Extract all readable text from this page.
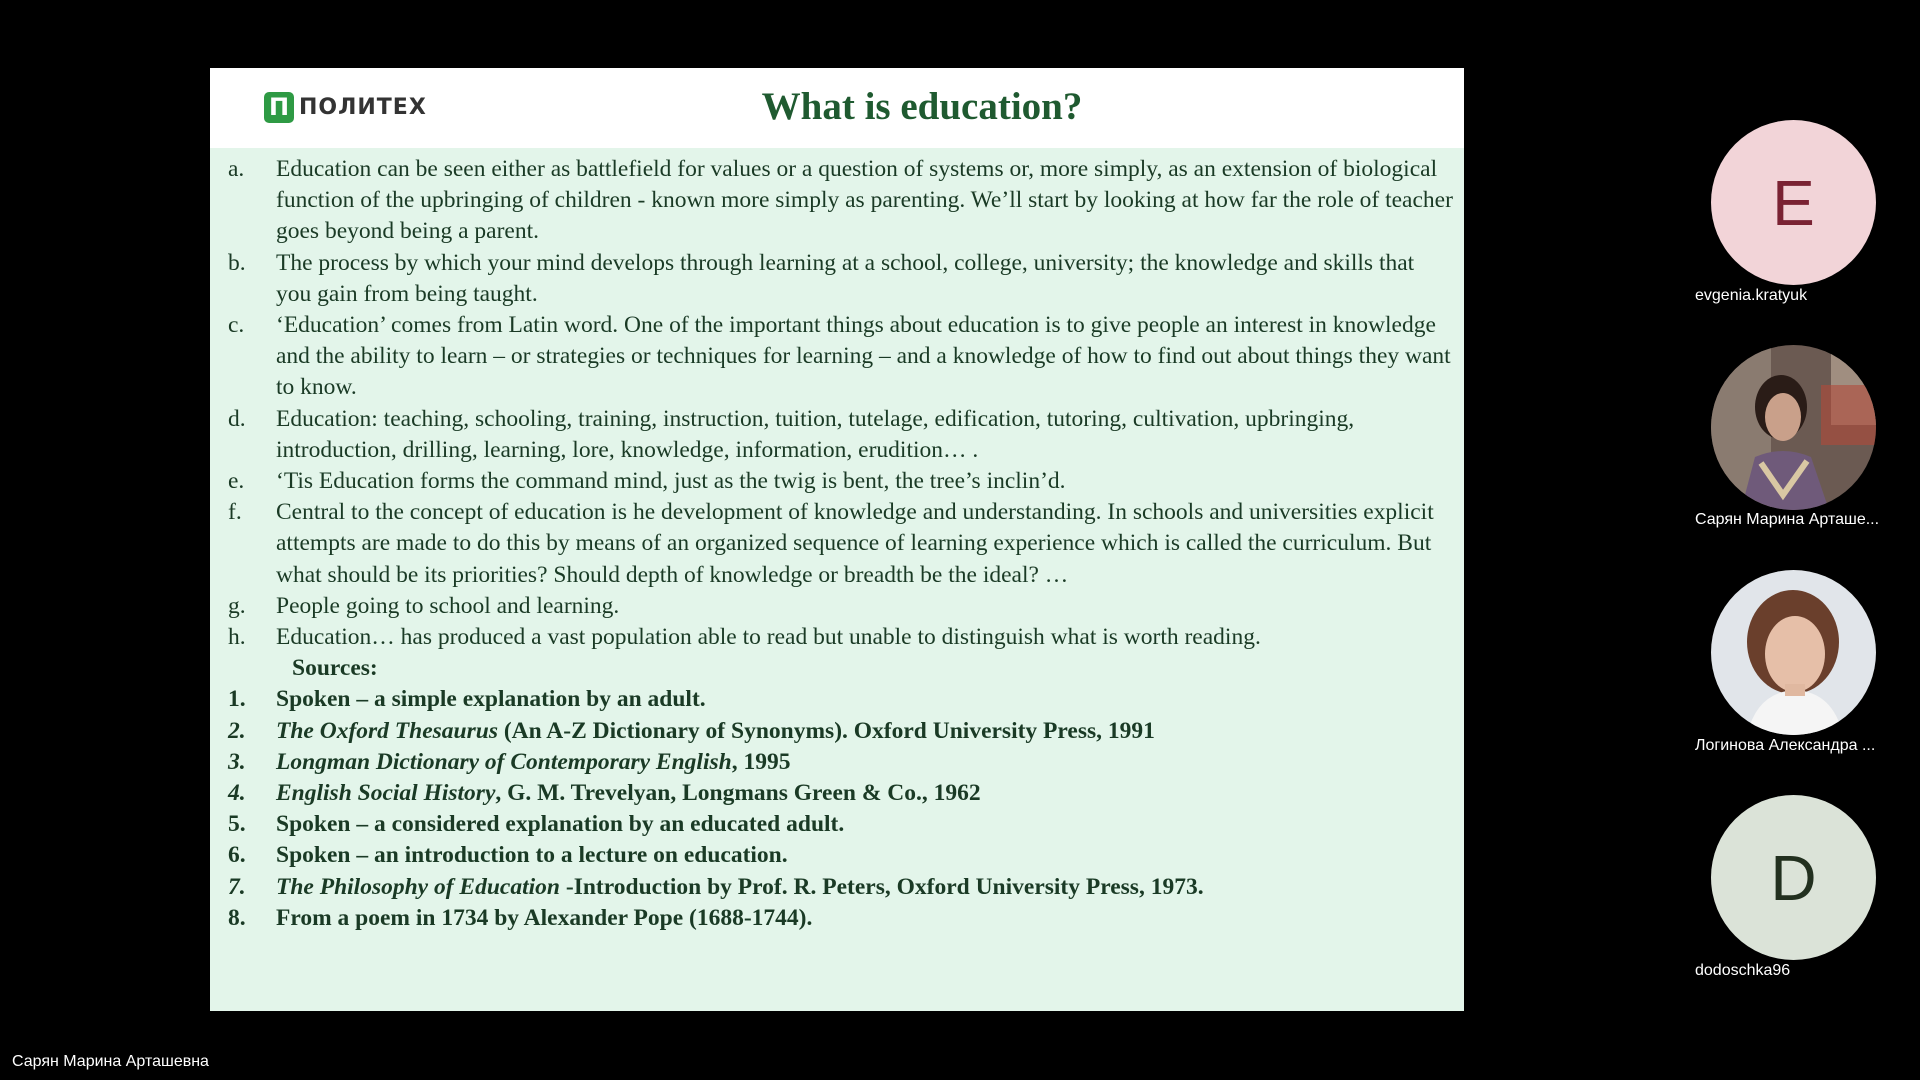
П ПОЛИТЕХ	What is education?
a.	Education can be seen either as battlefield for values or a question of systems or, more simply, as an extension of biological function of the upbringing of children - known more simply as parenting. We’ll start by looking at how far the role of teacher goes beyond being a parent.
b.	The process by which your mind develops through learning at a school, college, university; the knowledge and skills that you gain from being taught.
c.	‘Education’ comes from Latin word. One of the important things about education is to give people an interest in knowledge and the ability to learn – or strategies or techniques for learning – and a knowledge of how to find out about things they want to know.
d.	Education: teaching, schooling, training, instruction, tuition, tutelage, edification, tutoring, cultivation, upbringing, introduction, drilling, learning, lore, knowledge, information, erudition… .
e.	‘Tis Education forms the command mind, just as the twig is bent, the tree’s inclin’d.
f.	Central to the concept of education is he development of knowledge and understanding. In schools and universities explicit attempts are made to do this by means of an organized sequence of learning experience which is called the curriculum. But what should be its priorities? Should depth of knowledge or breadth be the ideal? …
g.	People going to school and learning.
h.	Education… has produced a vast population able to read but unable to distinguish what is worth reading.
Sources:
1.	Spoken – a simple explanation by an adult.
2.	The Oxford Thesaurus (An A-Z Dictionary of Synonyms). Oxford University Press, 1991
3.	Longman Dictionary of Contemporary English, 1995
4.	English Social History, G. M. Trevelyan, Longmans Green & Co., 1962
5.	Spoken – a considered explanation by an educated adult.
6.	Spoken – an introduction to a lecture on education.
7.	The Philosophy of Education -Introduction by Prof. R. Peters, Oxford University Press, 1973.
8.	From a poem in 1734 by Alexander Pope (1688-1744).
E
evgenia.kratyuk
Сарян Марина Арташе...
Логинова Александра ...
D
dodoschka96
Сарян Марина Арташевна
